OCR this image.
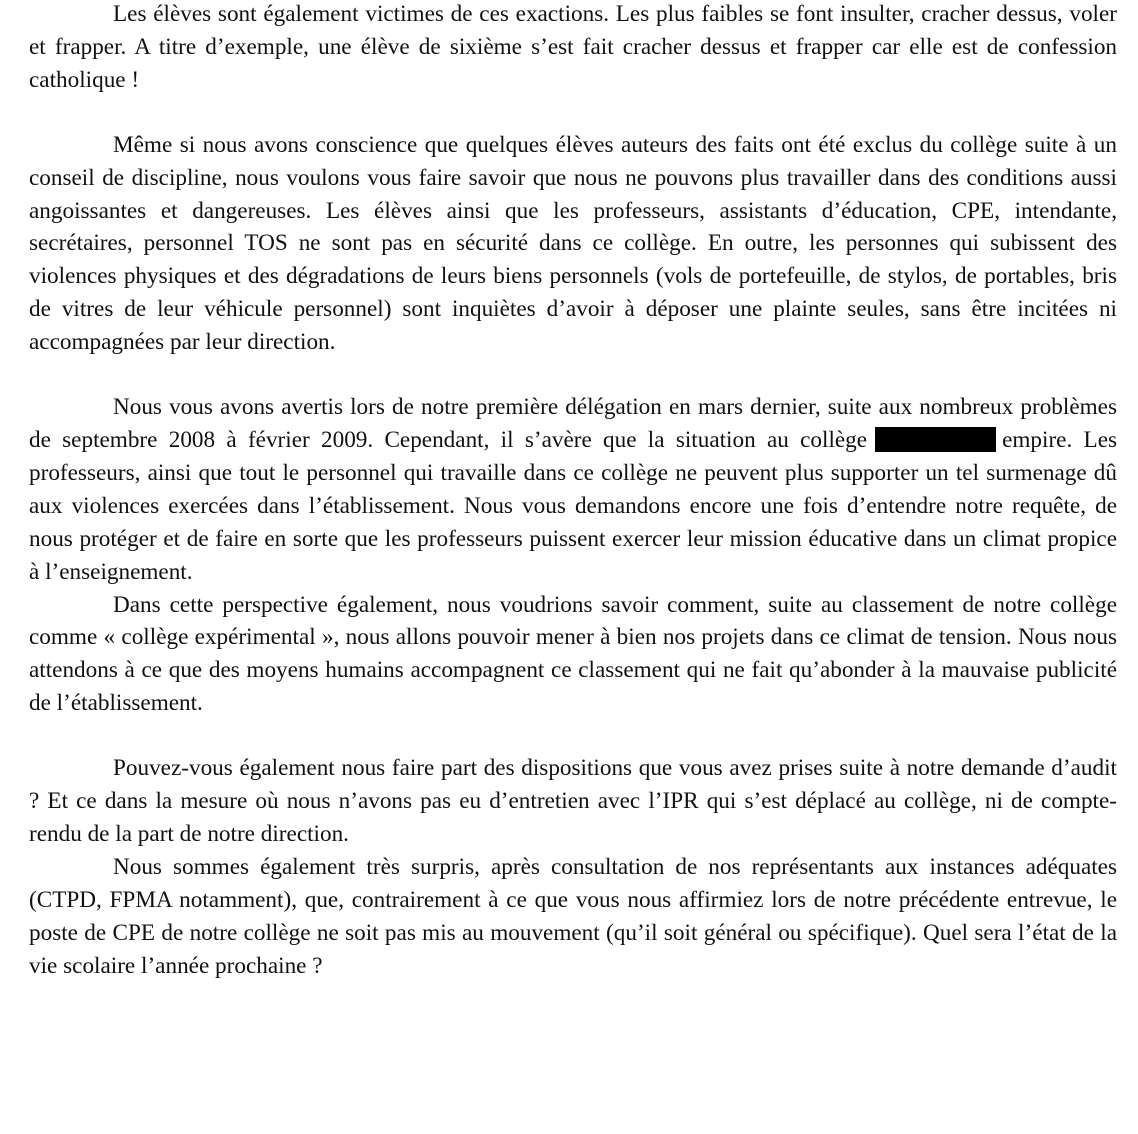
Les élèves sont également victimes de ces exactions. Les plus faibles se font insulter, cracher dessus, voler et frapper. A titre d’exemple, une élève de sixième s’est fait cracher dessus et frapper car elle est de confession catholique !

Même si nous avons conscience que quelques élèves auteurs des faits ont été exclus du collège suite à un conseil de discipline, nous voulons vous faire savoir que nous ne pouvons plus travailler dans des conditions aussi angoissantes et dangereuses. Les élèves ainsi que les professeurs, assistants d’éducation, CPE, intendante, secrétaires, personnel TOS ne sont pas en sécurité dans ce collège. En outre, les personnes qui subissent des violences physiques et des dégradations de leurs biens personnels (vols de portefeuille, de stylos, de portables, bris de vitres de leur véhicule personnel) sont inquiètes d’avoir à déposer une plainte seules, sans être incitées ni accompagnées par leur direction.

Nous vous avons avertis lors de notre première délégation en mars dernier, suite aux nombreux problèmes de septembre 2008 à février 2009. Cependant, il s’avère que la situation au collège	empire. Les professeurs, ainsi que tout le personnel qui travaille dans ce collège ne peuvent plus supporter un tel surmenage dû aux violences exercées dans l’établissement. Nous vous demandons encore une fois d’entendre notre requête, de nous protéger et de faire en sorte que les professeurs puissent exercer leur mission éducative dans un climat propice à l’enseignement.

Dans cette perspective également, nous voudrions savoir comment, suite au classement de notre collège comme « collège expérimental », nous allons pouvoir mener à bien nos projets dans ce climat de tension. Nous nous attendons à ce que des moyens humains accompagnent ce classement qui ne fait qu’abonder à la mauvaise publicité de l’établissement.

Pouvez-vous également nous faire part des dispositions que vous avez prises suite à notre demande d’audit ? Et ce dans la mesure où nous n’avons pas eu d’entretien avec l’IPR qui s’est déplacé au collège, ni de compte-rendu de la part de notre direction.

Nous sommes également très surpris, après consultation de nos représentants aux instances adéquates (CTPD, FPMA notamment), que, contrairement à ce que vous nous affirmiez lors de notre précédente entrevue, le poste de CPE de notre collège ne soit pas mis au mouvement (qu’il soit général ou spécifique). Quel sera l’état de la vie scolaire l’année prochaine ?
